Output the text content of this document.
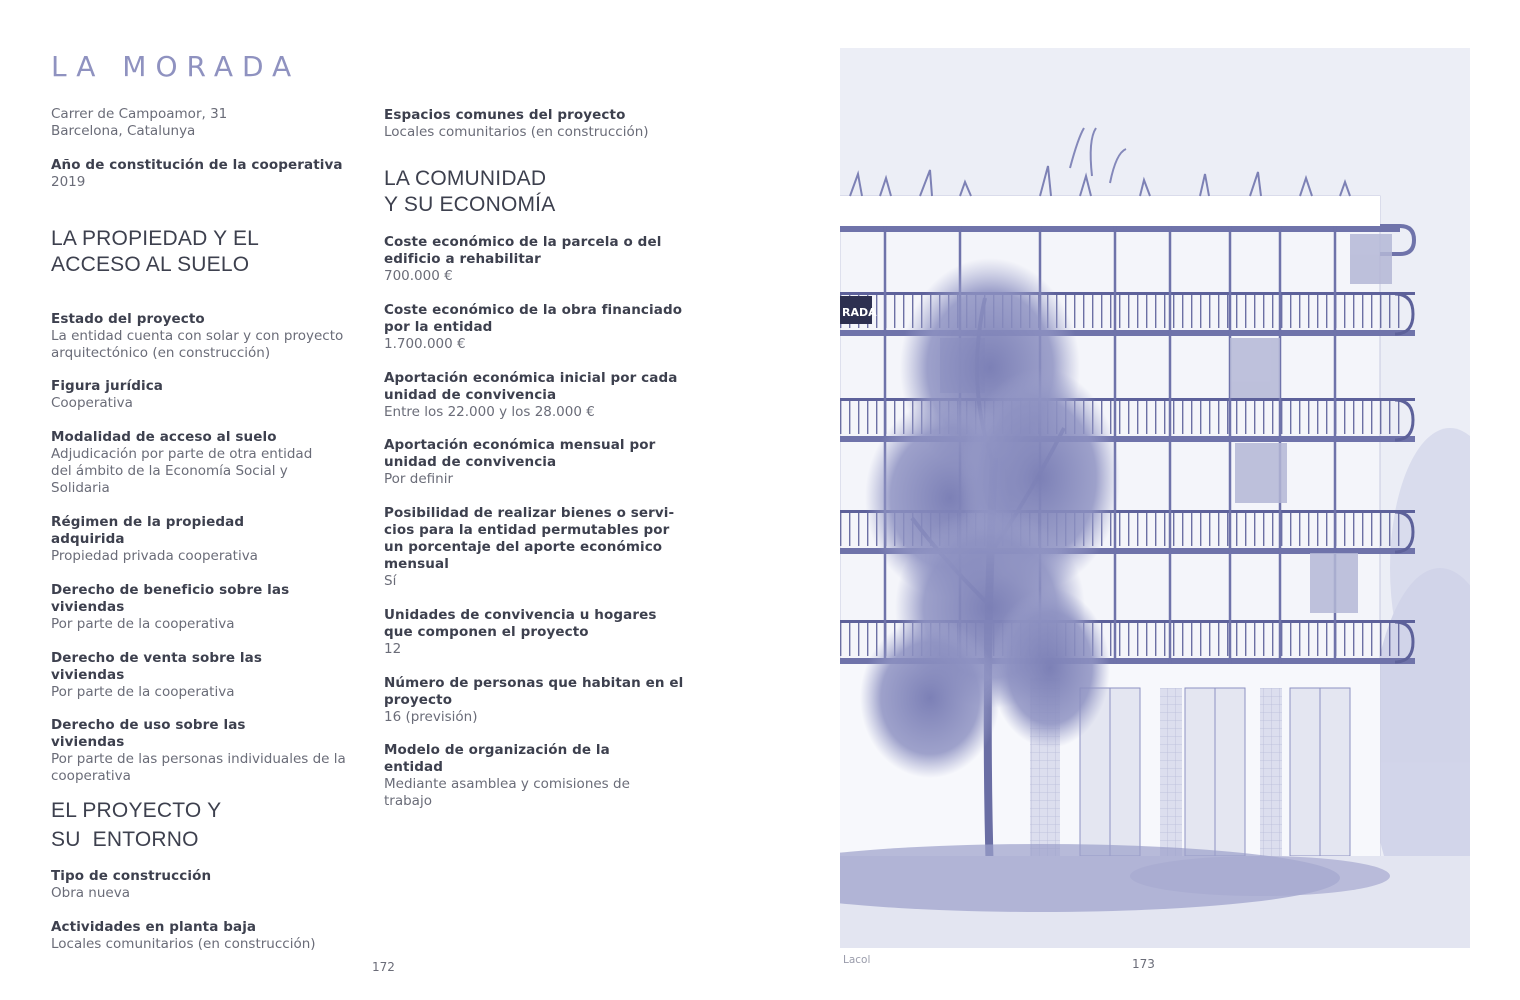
LA MORADA
Carrer de Campoamor, 31
Barcelona, Catalunya
Año de constitución de la cooperativa
2019
LA PROPIEDAD Y EL
ACCESO AL SUELO
Estado del proyecto
La entidad cuenta con solar y con proyecto arquitectónico (en construcción)
Figura jurídica
Cooperativa
Modalidad de acceso al suelo
Adjudicación por parte de otra entidad del ámbito de la Economía Social y Solidaria
Régimen de la propiedad adquirida
Propiedad privada cooperativa
Derecho de beneficio sobre las viviendas
Por parte de la cooperativa
Derecho de venta sobre las viviendas
Por parte de la cooperativa
Derecho de uso sobre las viviendas
Por parte de las personas individuales de la cooperativa
EL PROYECTO Y
SU  ENTORNO
Tipo de construcción
Obra nueva
Actividades en planta baja
Locales comunitarios (en construcción)
Espacios comunes del proyecto
Locales comunitarios (en construcción)
LA COMUNIDAD
Y SU ECONOMÍA
Coste económico de la parcela o del edificio a rehabilitar
700.000 €
Coste económico de la obra financiado por la entidad
1.700.000 €
Aportación económica inicial por cada unidad de convivencia
Entre los 22.000 y los 28.000 €
Aportación económica mensual por unidad de convivencia
Por definir
Posibilidad de realizar bienes o servi-cios para la entidad permutables por un porcentaje del aporte económico mensual
Sí
Unidades de convivencia u hogares que componen el proyecto
12
Número de personas que habitan en el proyecto
16 (previsión)
Modelo de organización de la entidad
Mediante asamblea y comisiones de trabajo
172
RADA
Lacol	173
